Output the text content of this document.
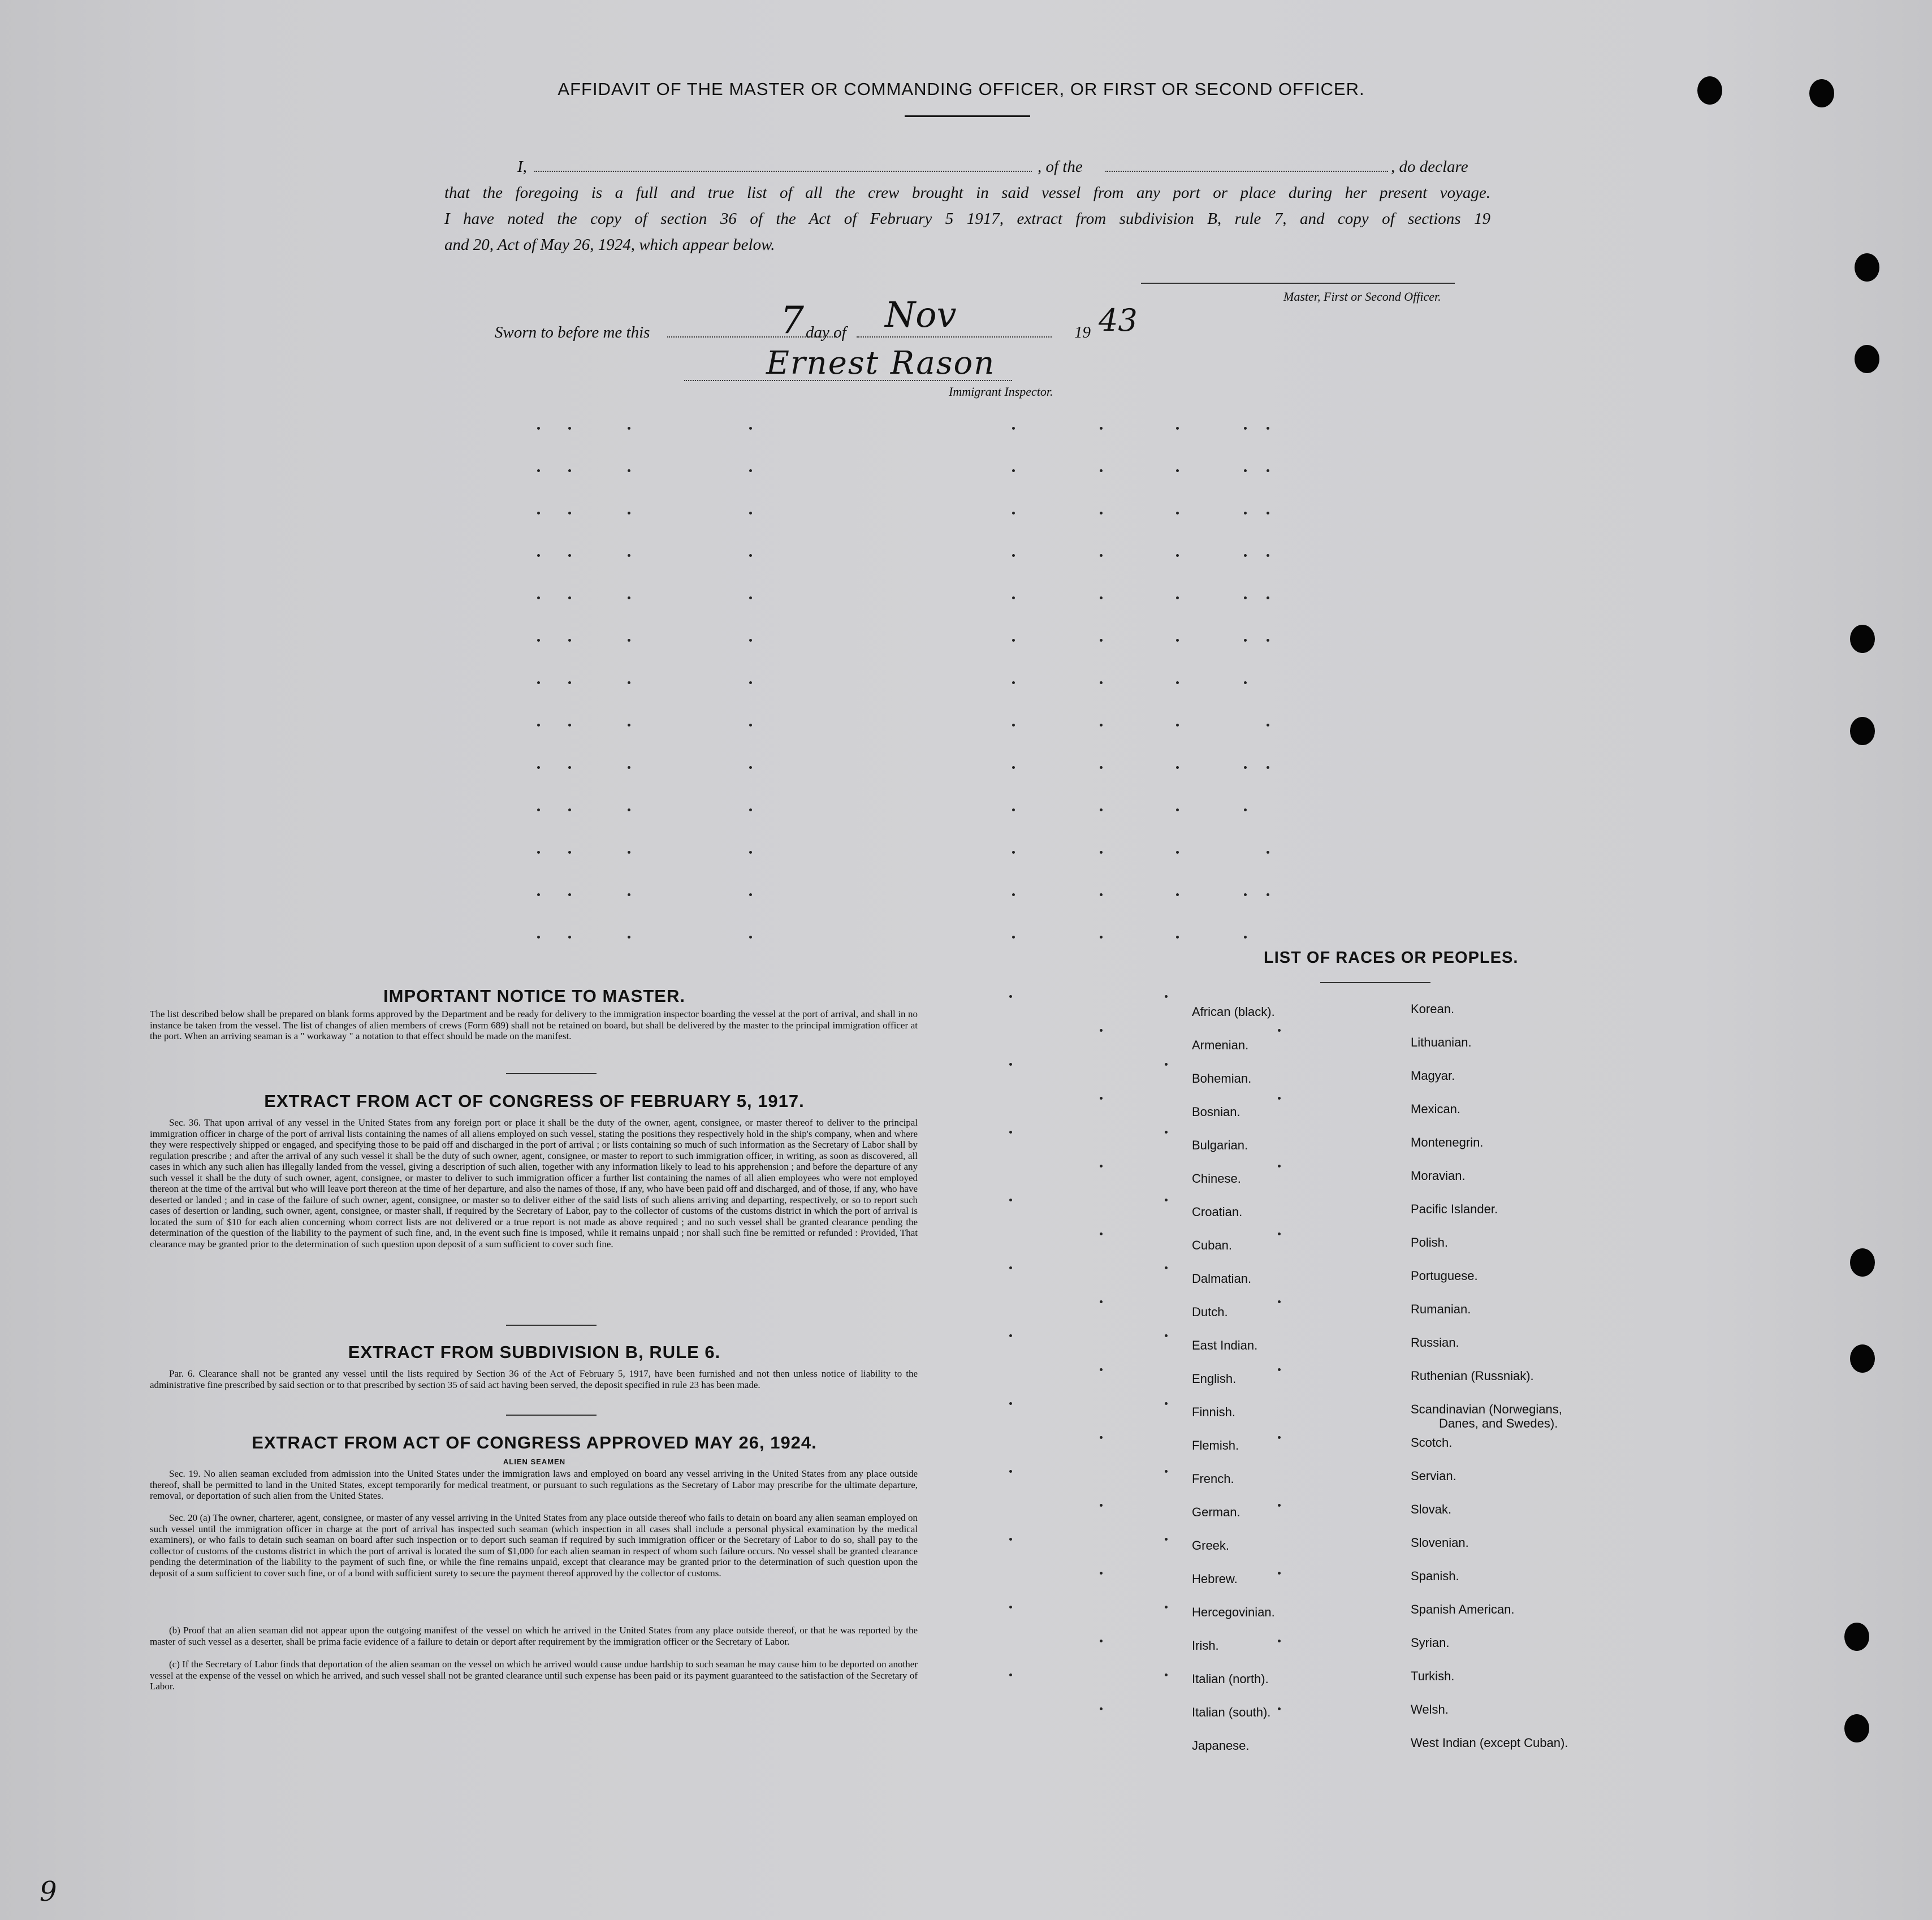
AFFIDAVIT OF THE MASTER OR COMMANDING OFFICER, OR FIRST OR SECOND OFFICER.
I,	, of the	, do declare
that the foregoing is a full and true list of all the crew brought in said vessel from any port or place during her present voyage.
I have noted the copy of section 36 of the Act of February 5 1917, extract from subdivision B, rule 7, and copy of sections 19
and 20, Act of May 26, 1924, which appear below.
Master, First or Second Officer.
Sworn to before me this	7 day of Nov	19 43
Ernest Rason
Immigrant Inspector.
IMPORTANT NOTICE TO MASTER.
The list described below shall be prepared on blank forms approved by the Department and be ready for delivery to the immigration inspector boarding the vessel at the port of arrival, and shall in no instance be taken from the vessel. The list of changes of alien members of crews (Form 689) shall not be retained on board, but shall be delivered by the master to the principal immigration officer at the port. When an arriving seaman is a " workaway " a notation to that effect should be made on the manifest.
EXTRACT FROM ACT OF CONGRESS OF FEBRUARY 5, 1917.
Sec. 36. That upon arrival of any vessel in the United States from any foreign port or place it shall be the duty of the owner, agent, consignee, or master thereof to deliver to the principal immigration officer in charge of the port of arrival lists containing the names of all aliens employed on such vessel, stating the positions they respectively hold in the ship's company, when and where they were respectively shipped or engaged, and specifying those to be paid off and discharged in the port of arrival ; or lists containing so much of such information as the Secretary of Labor shall by regulation prescribe ; and after the arrival of any such vessel it shall be the duty of such owner, agent, consignee, or master to report to such immigration officer, in writing, as soon as discovered, all cases in which any such alien has illegally landed from the vessel, giving a description of such alien, together with any information likely to lead to his apprehension ; and before the departure of any such vessel it shall be the duty of such owner, agent, consignee, or master to deliver to such immigration officer a further list containing the names of all alien employees who were not employed thereon at the time of the arrival but who will leave port thereon at the time of her departure, and also the names of those, if any, who have been paid off and discharged, and of those, if any, who have deserted or landed ; and in case of the failure of such owner, agent, consignee, or master so to deliver either of the said lists of such aliens arriving and departing, respectively, or so to report such cases of desertion or landing, such owner, agent, consignee, or master shall, if required by the Secretary of Labor, pay to the collector of customs of the customs district in which the port of arrival is located the sum of $10 for each alien concerning whom correct lists are not delivered or a true report is not made as above required ; and no such vessel shall be granted clearance pending the determination of the question of the liability to the payment of such fine, and, in the event such fine is imposed, while it remains unpaid ; nor shall such fine be remitted or refunded : Provided, That clearance may be granted prior to the determination of such question upon deposit of a sum sufficient to cover such fine.
EXTRACT FROM SUBDIVISION B, RULE 6.
Par. 6. Clearance shall not be granted any vessel until the lists required by Section 36 of the Act of February 5, 1917, have been furnished and not then unless notice of liability to the administrative fine prescribed by said section or to that prescribed by section 35 of said act having been served, the deposit specified in rule 23 has been made.
EXTRACT FROM ACT OF CONGRESS APPROVED MAY 26, 1924.
ALIEN SEAMEN
Sec. 19. No alien seaman excluded from admission into the United States under the immigration laws and employed on board any vessel arriving in the United States from any place outside thereof, shall be permitted to land in the United States, except temporarily for medical treatment, or pursuant to such regulations as the Secretary of Labor may prescribe for the ultimate departure, removal, or deportation of such alien from the United States.
Sec. 20 (a) The owner, charterer, agent, consignee, or master of any vessel arriving in the United States from any place outside thereof who fails to detain on board any alien seaman employed on such vessel until the immigration officer in charge at the port of arrival has inspected such seaman (which inspection in all cases shall include a personal physical examination by the medical examiners), or who fails to detain such seaman on board after such inspection or to deport such seaman if required by such immigration officer or the Secretary of Labor to do so, shall pay to the collector of customs of the customs district in which the port of arrival is located the sum of $1,000 for each alien seaman in respect of whom such failure occurs. No vessel shall be granted clearance pending the determination of the liability to the payment of such fine, or while the fine remains unpaid, except that clearance may be granted prior to the determination of such question upon the deposit of a sum sufficient to cover such fine, or of a bond with sufficient surety to secure the payment thereof approved by the collector of customs.
(b) Proof that an alien seaman did not appear upon the outgoing manifest of the vessel on which he arrived in the United States from any place outside thereof, or that he was reported by the master of such vessel as a deserter, shall be prima facie evidence of a failure to detain or deport after requirement by the immigration officer or the Secretary of Labor.
(c) If the Secretary of Labor finds that deportation of the alien seaman on the vessel on which he arrived would cause undue hardship to such seaman he may cause him to be deported on another vessel at the expense of the vessel on which he arrived, and such vessel shall not be granted clearance until such expense has been paid or its payment guaranteed to the satisfaction of the Secretary of Labor.
LIST OF RACES OR PEOPLES.
African (black).
Armenian.
Bohemian.
Bosnian.
Bulgarian.
Chinese.
Croatian.
Cuban.
Dalmatian.
Dutch.
East Indian.
English.
Finnish.
Flemish.
French.
German.
Greek.
Hebrew.
Hercegovinian.
Irish.
Italian (north).
Italian (south).
Japanese.
Korean.
Lithuanian.
Magyar.
Mexican.
Montenegrin.
Moravian.
Pacific Islander.
Polish.
Portuguese.
Rumanian.
Russian.
Ruthenian (Russniak).
Scandinavian (Norwegians,
Danes, and Swedes).
Scotch.
Servian.
Slovak.
Slovenian.
Spanish.
Spanish American.
Syrian.
Turkish.
Welsh.
West Indian (except Cuban).
9
